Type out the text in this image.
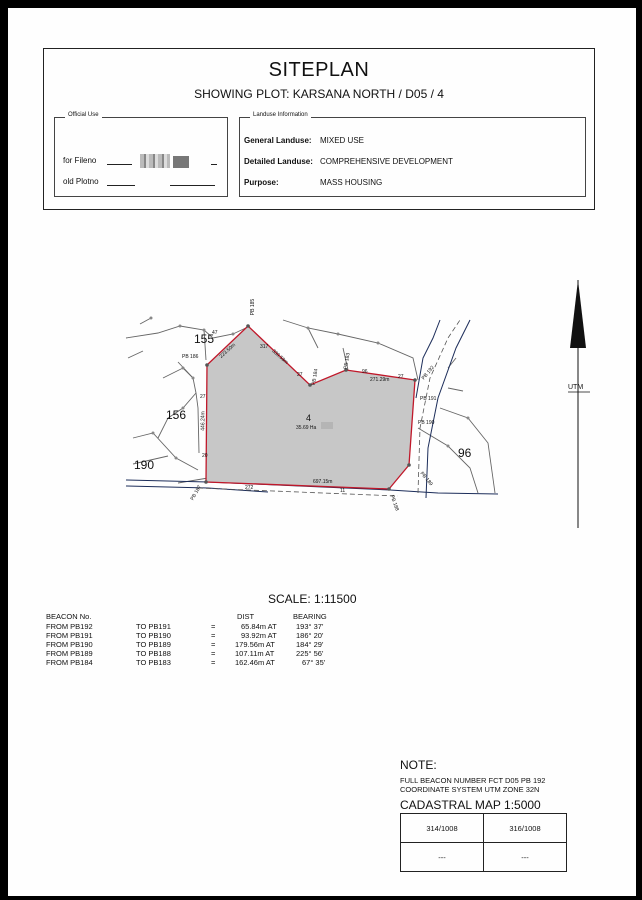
SITEPLAN
SHOWING PLOT: KARSANA NORTH / D05 / 4
Official Use
for Fileno
old Plotno
Landuse Information
General Landuse: MIXED USE
Detailed Landuse: COMPREHENSIVE DEVELOPMENT
Purpose:	MASS HOUSING
155
156
190
96
4
35.69 Ha
PB 185
PB 184
PB 183
PB 192
PB 191
PB 190
PB 189
PB 188
PB 187
PB 186	223.50m	330.58m
271.29m
446.24m
697.15m
317
47
27	96
27
27
272	11
20
UTM
SCALE: 1:11500
BEACON No.	DIST	BEARING
FROM PB192	TO PB191	=	65.84m AT	193° 37'
FROM PB191	TO PB190	=	93.92m AT	186° 20'
FROM PB190	TO PB189	=	179.56m AT	184° 29'
FROM PB189	TO PB188	=	107.11m AT	225° 56'
FROM PB184	TO PB183	=	162.46m AT	67° 35'
NOTE:
FULL BEACON NUMBER FCT D05 PB 192
COORDINATE SYSTEM UTM ZONE 32N
CADASTRAL MAP 1:5000
314/1008	316/1008
---	---
